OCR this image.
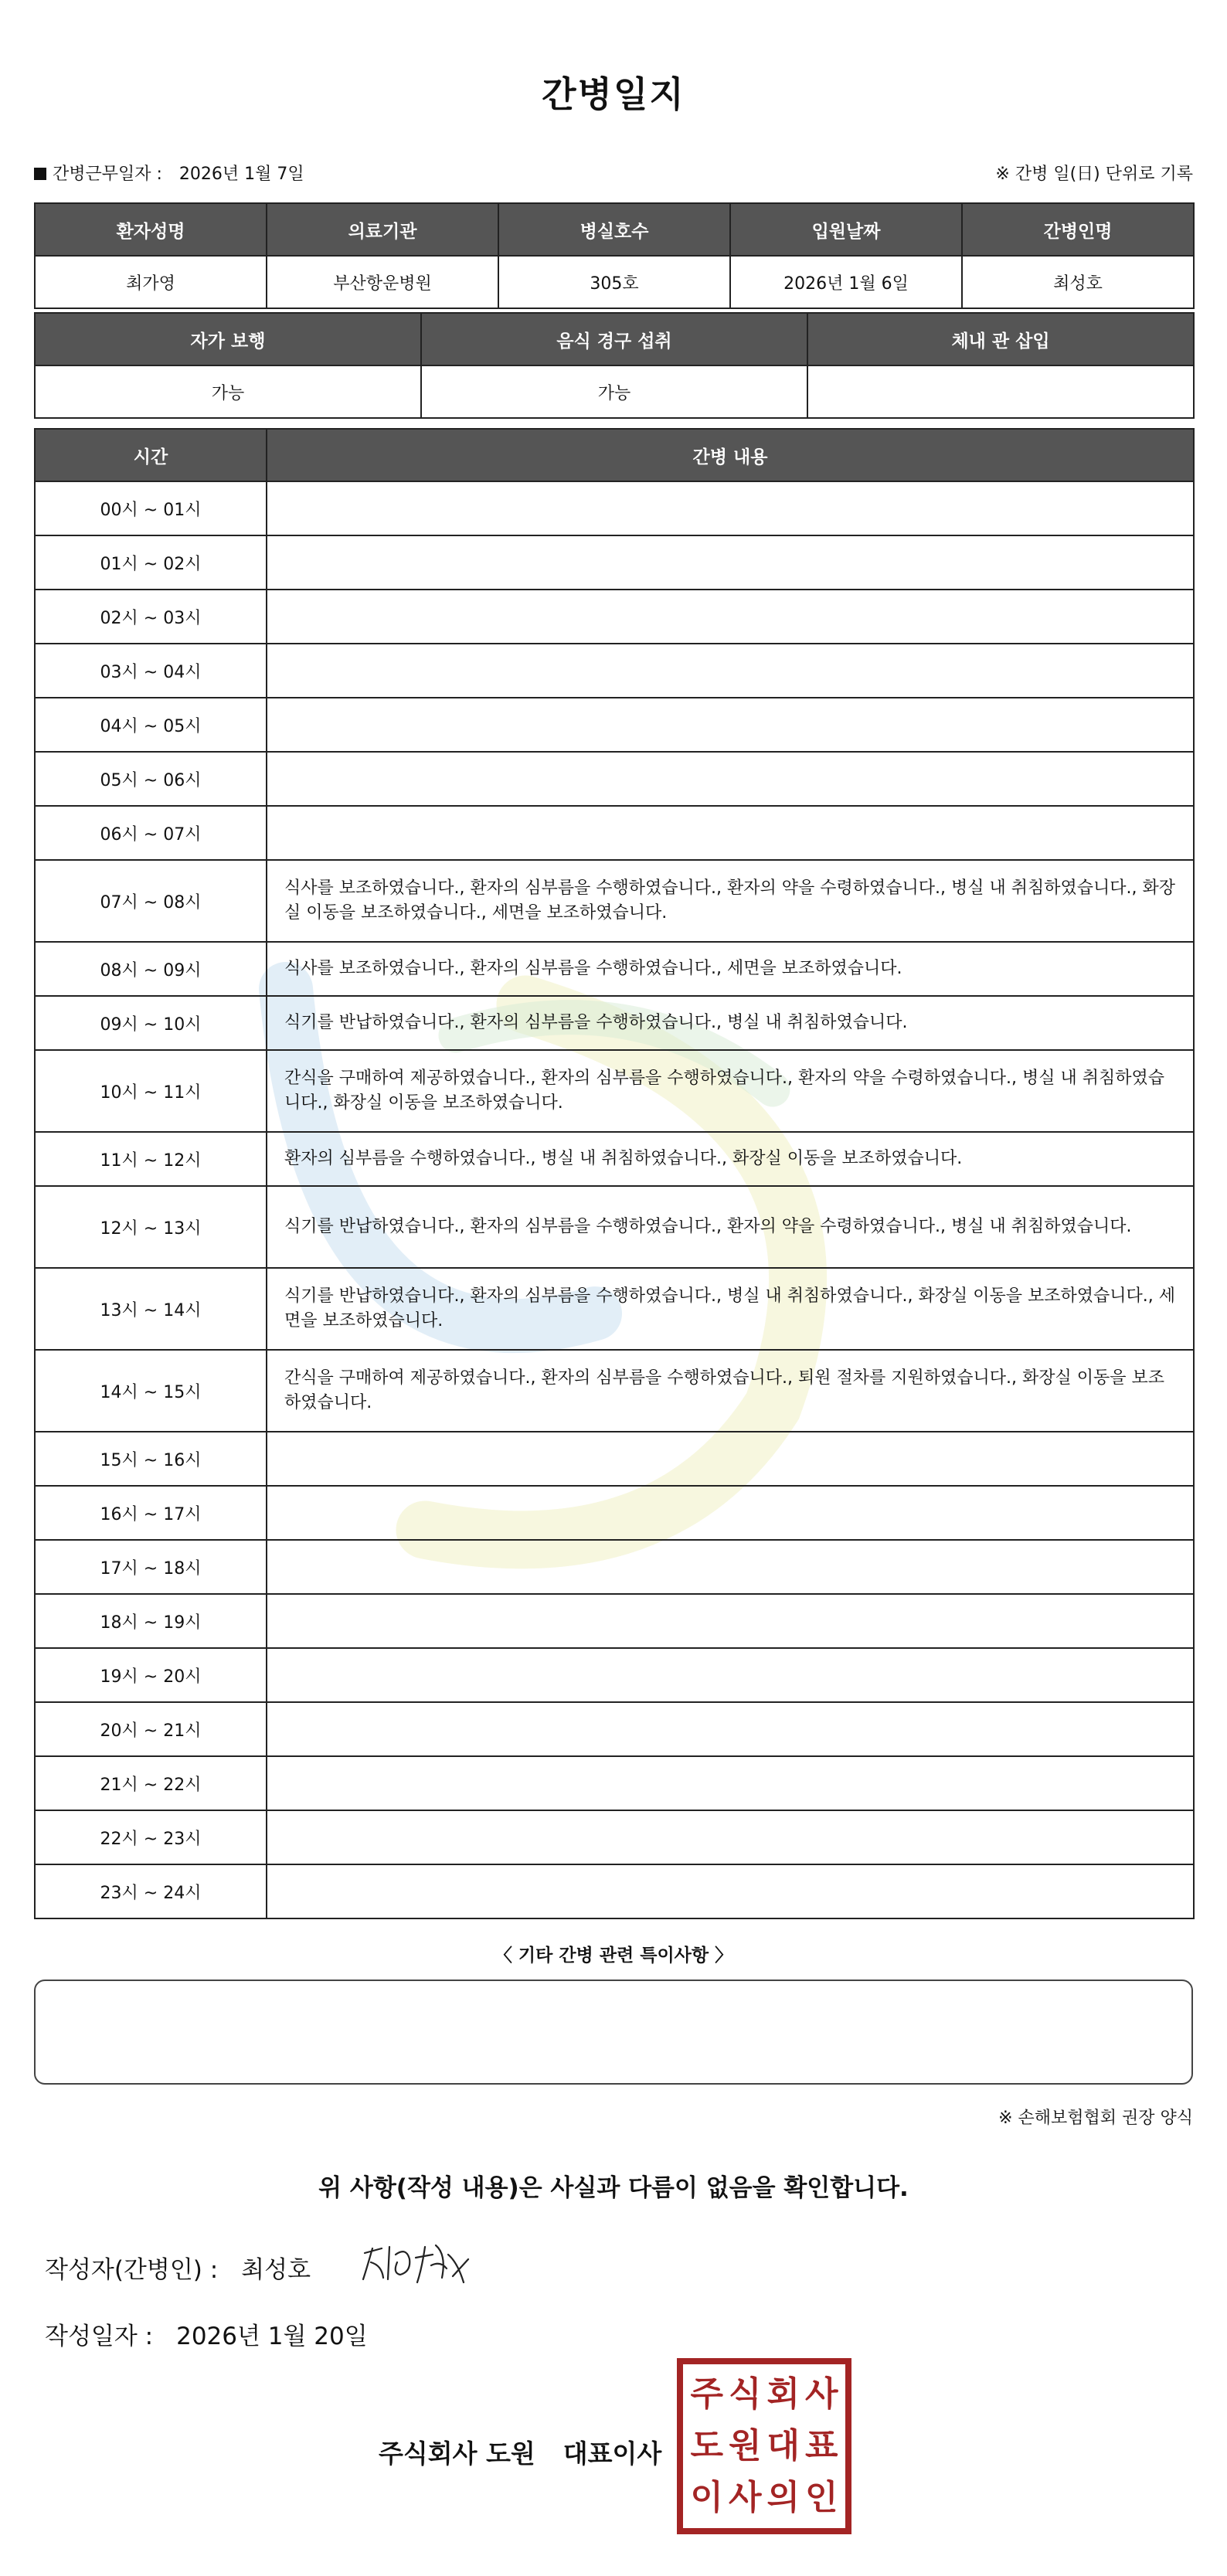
간병일지
간병근무일자 : 2026년 1월 7일	※ 간병 일(日) 단위로 기록
환자성명	의료기관	병실호수	입원날짜	간병인명
최가영	부산항운병원	305호	2026년 1월 6일	최성호
자가 보행	음식 경구 섭취	체내 관 삽입
가능	가능	
시간	간병 내용
00시 ~ 01시	
01시 ~ 02시	
02시 ~ 03시	
03시 ~ 04시	
04시 ~ 05시	
05시 ~ 06시	
06시 ~ 07시	
07시 ~ 08시	식사를 보조하였습니다., 환자의 심부름을 수행하였습니다., 환자의 약을 수령하였습니다., 병실 내 취침하였습니다., 화장실 이동을 보조하였습니다., 세면을 보조하였습니다.
08시 ~ 09시	식사를 보조하였습니다., 환자의 심부름을 수행하였습니다., 세면을 보조하였습니다.
09시 ~ 10시	식기를 반납하였습니다., 환자의 심부름을 수행하였습니다., 병실 내 취침하였습니다.
10시 ~ 11시	간식을 구매하여 제공하였습니다., 환자의 심부름을 수행하였습니다., 환자의 약을 수령하였습니다., 병실 내 취침하였습니다., 화장실 이동을 보조하였습니다.
11시 ~ 12시	환자의 심부름을 수행하였습니다., 병실 내 취침하였습니다., 화장실 이동을 보조하였습니다.
12시 ~ 13시	식기를 반납하였습니다., 환자의 심부름을 수행하였습니다., 환자의 약을 수령하였습니다., 병실 내 취침하였습니다.
13시 ~ 14시	식기를 반납하였습니다., 환자의 심부름을 수행하였습니다., 병실 내 취침하였습니다., 화장실 이동을 보조하였습니다., 세면을 보조하였습니다.
14시 ~ 15시	간식을 구매하여 제공하였습니다., 환자의 심부름을 수행하였습니다., 퇴원 절차를 지원하였습니다., 화장실 이동을 보조하였습니다.
15시 ~ 16시	
16시 ~ 17시	
17시 ~ 18시	
18시 ~ 19시	
19시 ~ 20시	
20시 ~ 21시	
21시 ~ 22시	
22시 ~ 23시	
23시 ~ 24시	
〈 기타 간병 관련 특이사항 〉
※ 손해보험협회 권장 양식
위 사항(작성 내용)은 사실과 다름이 없음을 확인합니다.
작성자(간병인) : 최성호
작성일자 : 2026년 1월 20일
주식회사 도원 대표이사
주 식 회 사
도 원 대 표
이 사 의 인
